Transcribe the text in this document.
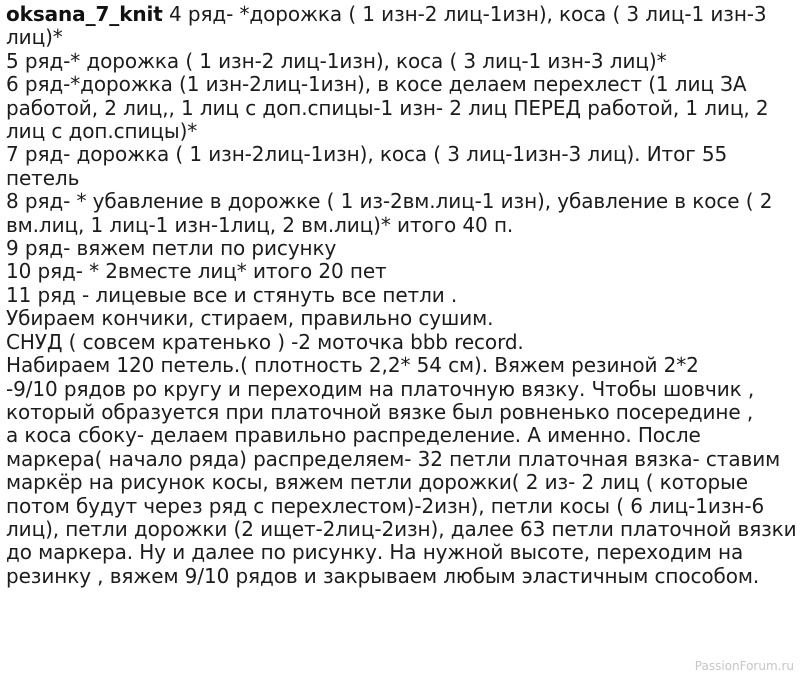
oksana_7_knit 4 ряд- *дорожка ( 1 изн-2 лиц-1изн), коса ( 3 лиц-1 изн-3
лиц)*
5 ряд-* дорожка ( 1 изн-2 лиц-1изн), коса ( 3 лиц-1 изн-3 лиц)*
6 ряд-*дорожка (1 изн-2лиц-1изн), в косе делаем перехлест (1 лиц ЗА
работой, 2 лиц,, 1 лиц с доп.спицы-1 изн- 2 лиц ПЕРЕД работой, 1 лиц, 2
лиц с доп.спицы)*
7 ряд- дорожка ( 1 изн-2лиц-1изн), коса ( 3 лиц-1изн-3 лиц). Итог 55
петель
8 ряд- * убавление в дорожке ( 1 из-2вм.лиц-1 изн), убавление в косе ( 2
вм.лиц, 1 лиц-1 изн-1лиц, 2 вм.лиц)* итого 40 п.
9 ряд- вяжем петли по рисунку
10 ряд- * 2вместе лиц* итого 20 пет
11 ряд - лицевые все и стянуть все петли .
Убираем кончики, стираем, правильно сушим.
СНУД ( совсем кратенько ) -2 моточка bbb record.
Набираем 120 петель.( плотность 2,2* 54 см). Вяжем резиной 2*2
-9/10 рядов ро кругу и переходим на платочную вязку. Чтобы шовчик ,
который образуется при платочной вязке был ровненько посередине ,
а коса сбоку- делаем правильно распределение. А именно. После
маркера( начало ряда) распределяем- 32 петли платочная вязка- ставим
маркёр на рисунок косы, вяжем петли дорожки( 2 из- 2 лиц ( которые
потом будут через ряд с перехлестом)-2изн), петли косы ( 6 лиц-1изн-6
лиц), петли дорожки (2 ищет-2лиц-2изн), далее 63 петли платочной вязки
до маркера. Ну и далее по рисунку. На нужной высоте, переходим на
резинку , вяжем 9/10 рядов и закрываем любым эластичным способом.
PassionForum.ru
